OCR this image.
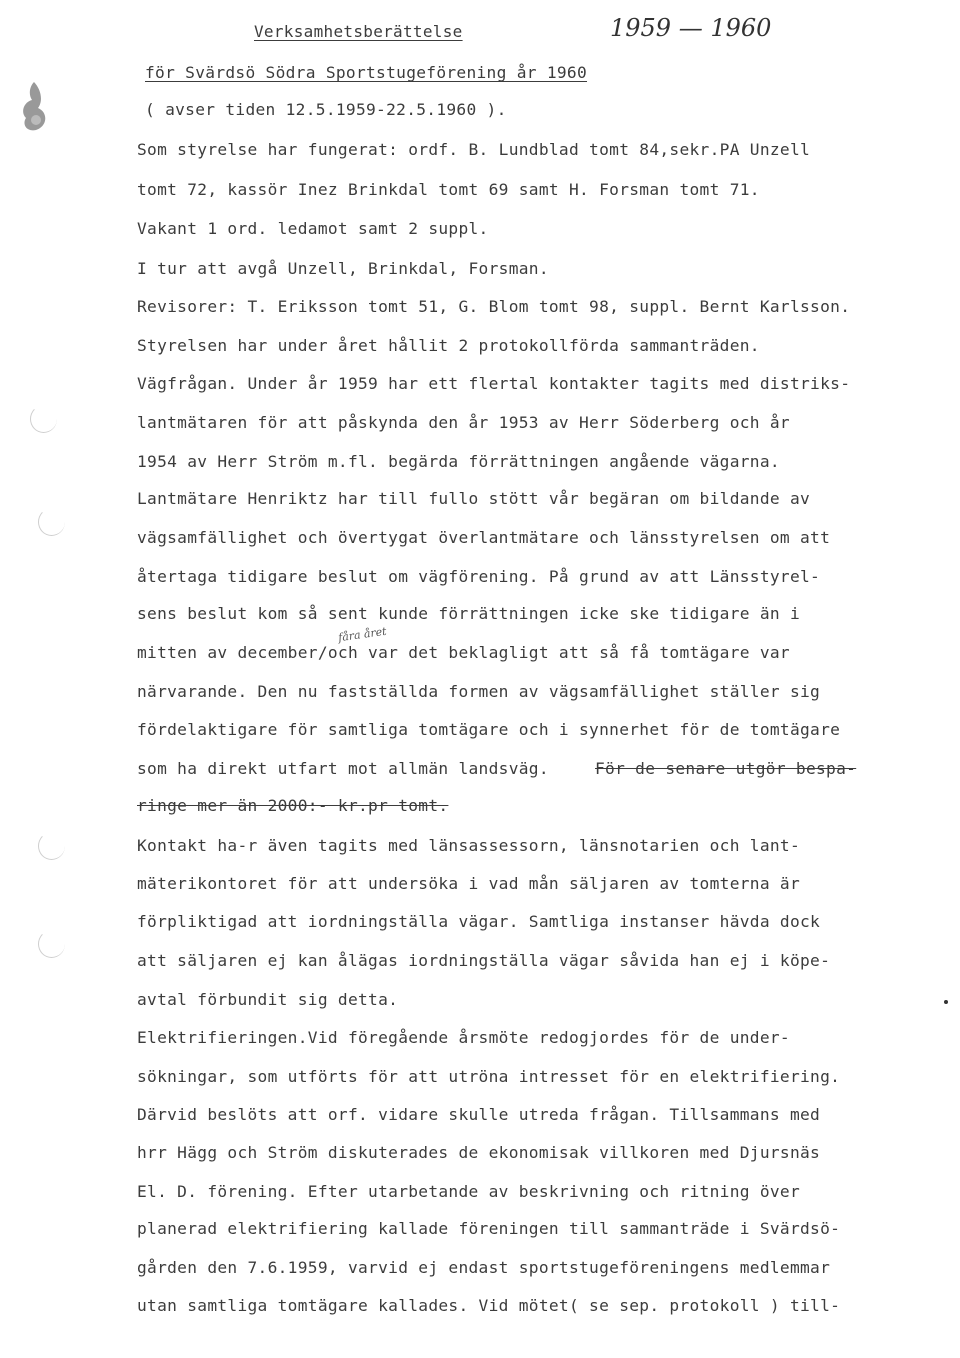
Verksamhetsberättelse	1959 — 1960
för Svärdsö Södra Sportstugeförening år 1960
( avser tiden 12.5.1959-22.5.1960 ).
Som styrelse har fungerat: ordf. B. Lundblad tomt 84,sekr.PA Unzell
tomt 72, kassör Inez Brinkdal tomt 69 samt H. Forsman tomt 71.
Vakant 1 ord. ledamot samt 2 suppl.
I tur att avgå Unzell, Brinkdal, Forsman.
Revisorer: T. Eriksson tomt 51, G. Blom tomt 98, suppl. Bernt Karlsson.
Styrelsen har under året hållit 2 protokollförda sammanträden.
Vägfrågan. Under år 1959 har ett flertal kontakter tagits med distriks-
lantmätaren för att påskynda den år 1953 av Herr Söderberg och år
1954 av Herr Ström m.fl. begärda förrättningen angående vägarna.
Lantmätare Henriktz har till fullo stött vår begäran om bildande av
vägsamfällighet och övertygat överlantmätare och länsstyrelsen om att
återtaga tidigare beslut om vägförening. På grund av att Länsstyrel-
sens beslut kom så sent kunde förrättningen icke ske tidigare än i
fåra året
mitten av december/och var det beklagligt att så få tomtägare var
närvarande. Den nu fastställda formen av vägsamfällighet ställer sig
fördelaktigare för samtliga tomtägare och i synnerhet för de tomtägare
som ha direkt utfart mot allmän landsväg.	För de senare utgör bespa-
ringe mer än 2000:- kr.pr tomt.
Kontakt ha-r även tagits med länsassessorn, länsnotarien och lant-
mäterikontoret för att undersöka i vad mån säljaren av tomterna är
förpliktigad att iordningställa vägar. Samtliga instanser hävda dock
att säljaren ej kan ålägas iordningställa vägar såvida han ej i köpe-
avtal förbundit sig detta.
Elektrifieringen.Vid föregående årsmöte redogjordes för de under-
sökningar, som utförts för att utröna intresset för en elektrifiering.
Därvid beslöts att orf. vidare skulle utreda frågan. Tillsammans med
hrr Hägg och Ström diskuterades de ekonomisak villkoren med Djursnäs
El. D. förening. Efter utarbetande av beskrivning och ritning över
planerad elektrifiering kallade föreningen till sammanträde i Svärdsö-
gården den 7.6.1959, varvid ej endast sportstugeföreningens medlemmar
utan samtliga tomtägare kallades. Vid mötet( se sep. protokoll ) till-
